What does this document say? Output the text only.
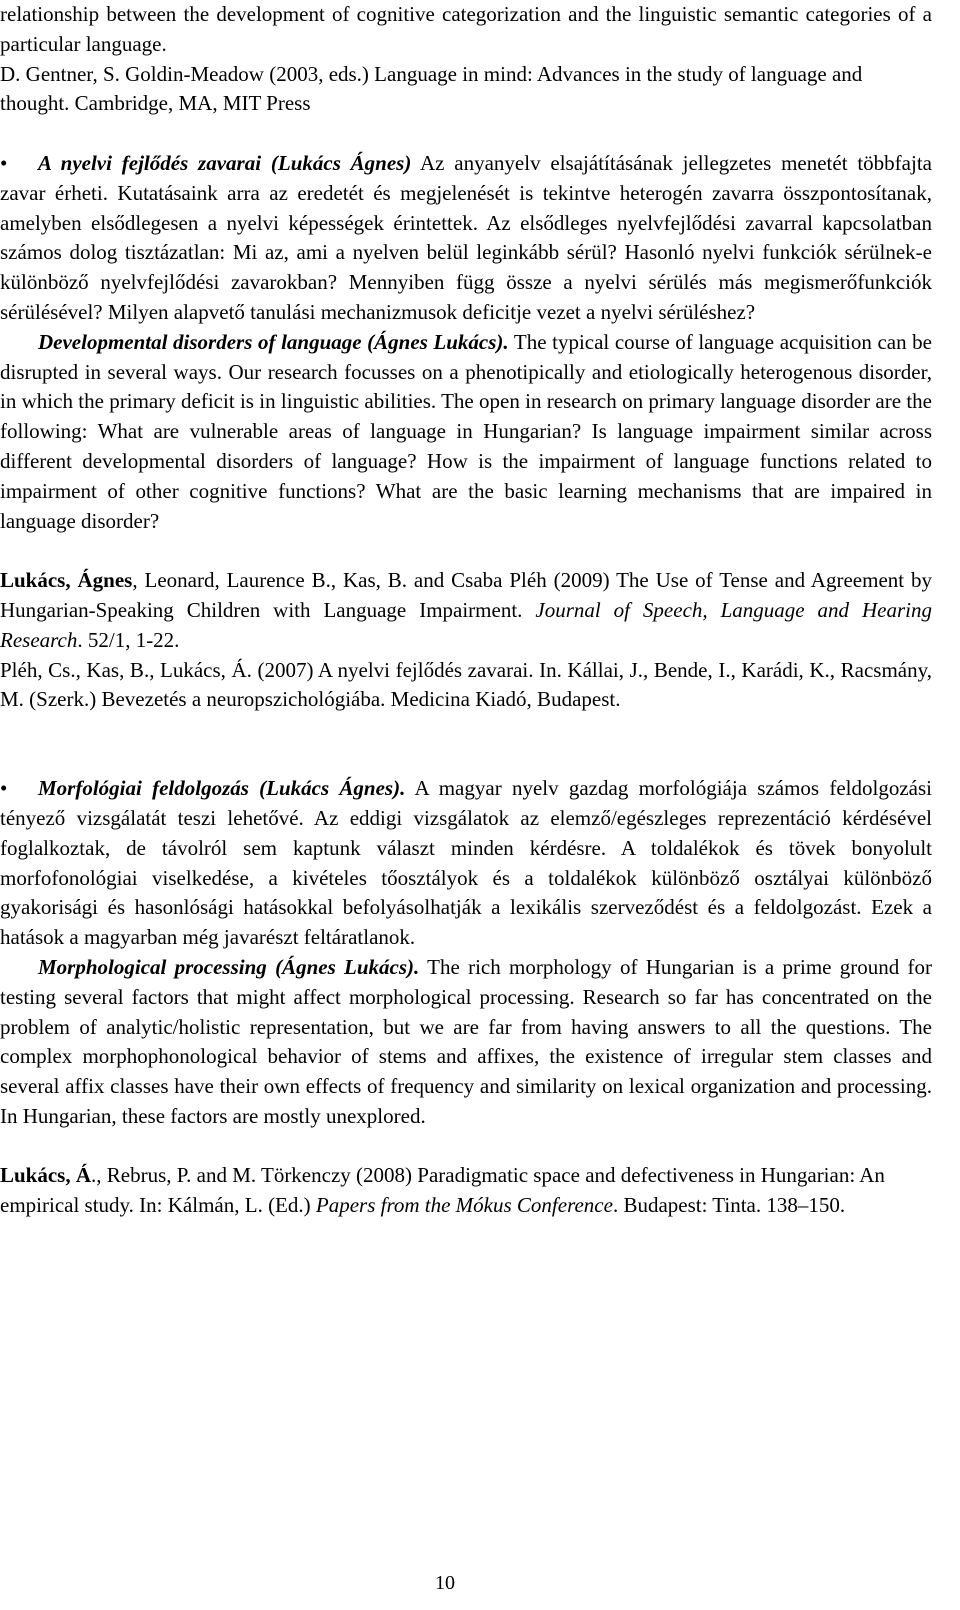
relationship between the development of cognitive categorization and the linguistic semantic categories of a particular language.

D. Gentner, S. Goldin-Meadow (2003, eds.) Language in mind: Advances in the study of language and thought. Cambridge, MA, MIT Press

• A nyelvi fejlődés zavarai (Lukács Ágnes) Az anyanyelv elsajátításának jellegzetes menetét többfajta zavar érheti. Kutatásaink arra az eredetét és megjelenését is tekintve heterogén zavarra összpontosítanak, amelyben elsődlegesen a nyelvi képességek érintettek. Az elsődleges nyelvfejlődési zavarral kapcsolatban számos dolog tisztázatlan: Mi az, ami a nyelven belül leginkább sérül? Hasonló nyelvi funkciók sérülnek-e különböző nyelvfejlődési zavarokban? Mennyiben függ össze a nyelvi sérülés más megismerőfunkciók sérülésével? Milyen alapvető tanulási mechanizmusok deficitje vezet a nyelvi sérüléshez?

Developmental disorders of language (Ágnes Lukács). The typical course of language acquisition can be disrupted in several ways. Our research focusses on a phenotipically and etiologically heterogenous disorder, in which the primary deficit is in linguistic abilities. The open in research on primary language disorder are the following: What are vulnerable areas of language in Hungarian? Is language impairment similar across different developmental disorders of language? How is the impairment of language functions related to impairment of other cognitive functions? What are the basic learning mechanisms that are impaired in language disorder?

Lukács, Ágnes, Leonard, Laurence B., Kas, B. and Csaba Pléh (2009) The Use of Tense and Agreement by Hungarian-Speaking Children with Language Impairment. Journal of Speech, Language and Hearing Research. 52/1, 1-22.

Pléh, Cs., Kas, B., Lukács, Á. (2007) A nyelvi fejlődés zavarai. In. Kállai, J., Bende, I., Karádi, K., Racsmány, M. (Szerk.) Bevezetés a neuropszichológiába. Medicina Kiadó, Budapest.

• Morfológiai feldolgozás (Lukács Ágnes). A magyar nyelv gazdag morfológiája számos feldolgozási tényező vizsgálatát teszi lehetővé. Az eddigi vizsgálatok az elemző/egészleges reprezentáció kérdésével foglalkoztak, de távolról sem kaptunk választ minden kérdésre. A toldalékok és tövek bonyolult morfofonológiai viselkedése, a kivételes tőosztályok és a toldalékok különböző osztályai különböző gyakorisági és hasonlósági hatásokkal befolyásolhatják a lexikális szerveződést és a feldolgozást. Ezek a hatások a magyarban még javarészt feltáratlanok.

Morphological processing (Ágnes Lukács). The rich morphology of Hungarian is a prime ground for testing several factors that might affect morphological processing. Research so far has concentrated on the problem of analytic/holistic representation, but we are far from having answers to all the questions. The complex morphophonological behavior of stems and affixes, the existence of irregular stem classes and several affix classes have their own effects of frequency and similarity on lexical organization and processing. In Hungarian, these factors are mostly unexplored.

Lukács, Á., Rebrus, P. and M. Törkenczy (2008) Paradigmatic space and defectiveness in Hungarian: An empirical study. In: Kálmán, L. (Ed.) Papers from the Mókus Conference. Budapest: Tinta. 138–150.

10
